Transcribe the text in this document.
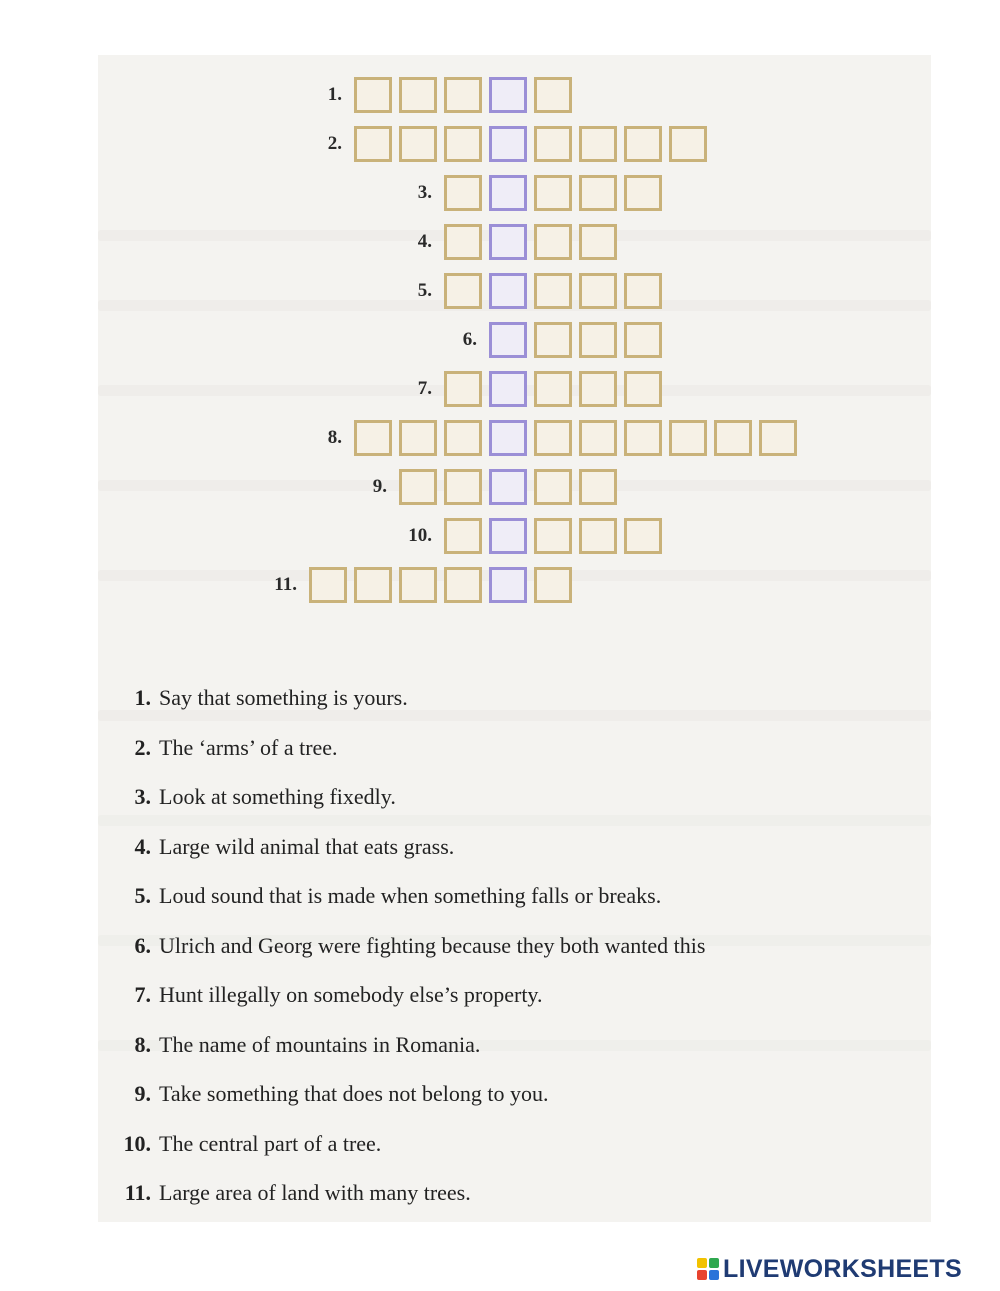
1.
2.
3.
4.
5.
6.
7.
8.
9.
10.
11.
1. Say that something is yours.
2. The ‘arms’ of a tree.
3. Look at something fixedly.
4. Large wild animal that eats grass.
5. Loud sound that is made when something falls or breaks.
6. Ulrich and Georg were fighting because they both wanted this
7. Hunt illegally on somebody else’s property.
8. The name of mountains in Romania.
9. Take something that does not belong to you.
10. The central part of a tree.
11. Large area of land with many trees.
LIVEWORKSHEETS
